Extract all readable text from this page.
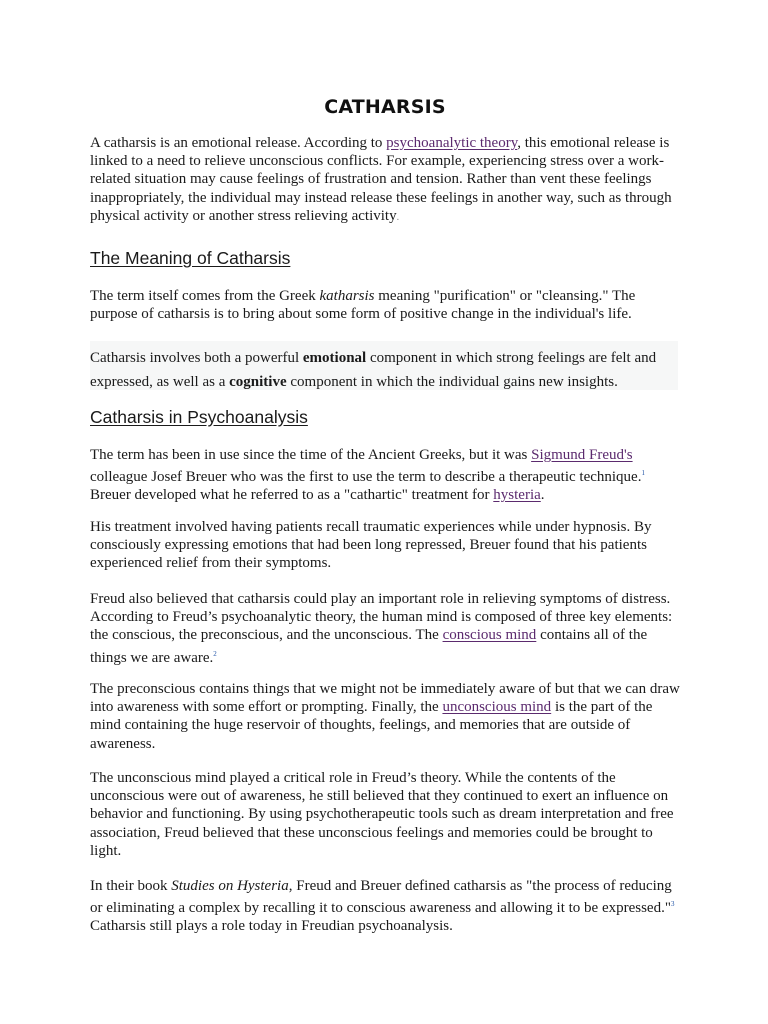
CATHARSIS

A catharsis is an emotional release. According to psychoanalytic theory, this emotional release is linked to a need to relieve unconscious conflicts. For example, experiencing stress over a work-related situation may cause feelings of frustration and tension. Rather than vent these feelings inappropriately, the individual may instead release these feelings in another way, such as through physical activity or another stress relieving activity.

The Meaning of Catharsis

The term itself comes from the Greek katharsis meaning "purification" or "cleansing." The purpose of catharsis is to bring about some form of positive change in the individual's life.

Catharsis involves both a powerful emotional component in which strong feelings are felt and expressed, as well as a cognitive component in which the individual gains new insights.

Catharsis in Psychoanalysis

The term has been in use since the time of the Ancient Greeks, but it was Sigmund Freud's colleague Josef Breuer who was the first to use the term to describe a therapeutic technique.$^1$ Breuer developed what he referred to as a "cathartic" treatment for hysteria.

His treatment involved having patients recall traumatic experiences while under hypnosis. By consciously expressing emotions that had been long repressed, Breuer found that his patients experienced relief from their symptoms.

Freud also believed that catharsis could play an important role in relieving symptoms of distress. According to Freud’s psychoanalytic theory, the human mind is composed of three key elements: the conscious, the preconscious, and the unconscious. The conscious mind contains all of the things we are aware.$^2$

The preconscious contains things that we might not be immediately aware of but that we can draw into awareness with some effort or prompting. Finally, the unconscious mind is the part of the mind containing the huge reservoir of thoughts, feelings, and memories that are outside of awareness.

The unconscious mind played a critical role in Freud’s theory. While the contents of the unconscious were out of awareness, he still believed that they continued to exert an influence on behavior and functioning. By using psychotherapeutic tools such as dream interpretation and free association, Freud believed that these unconscious feelings and memories could be brought to light.

In their book Studies on Hysteria, Freud and Breuer defined catharsis as "the process of reducing or eliminating a complex by recalling it to conscious awareness and allowing it to be expressed."$^3$ Catharsis still plays a role today in Freudian psychoanalysis.
